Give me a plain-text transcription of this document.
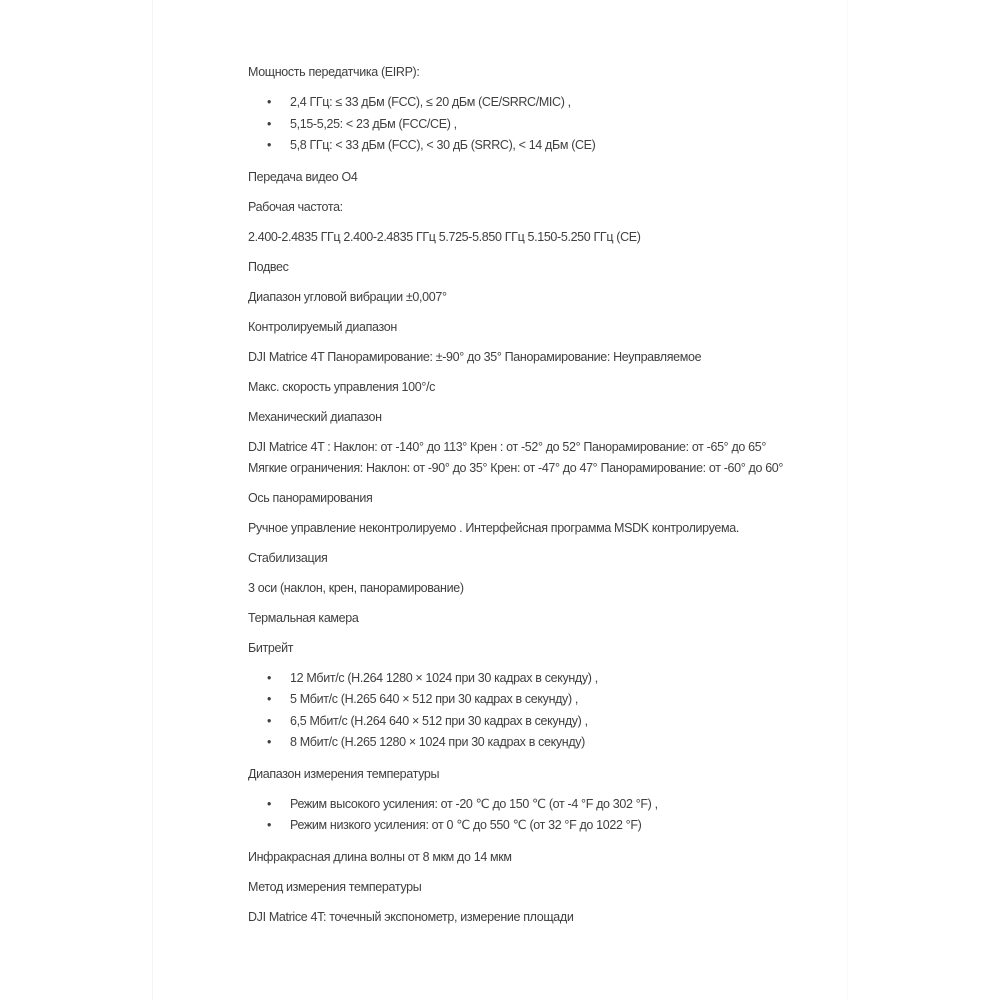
Мощность передатчика (EIRP):

• 2,4 ГГц: ≤ 33 дБм (FCC), ≤ 20 дБм (CE/SRRC/MIC) ,
• 5,15-5,25: < 23 дБм (FCC/CE) ,
• 5,8 ГГц: < 33 дБм (FCC), < 30 дБ (SRRC), < 14 дБм (CE)

Передача видео O4

Рабочая частота:

2.400-2.4835 ГГц 2.400-2.4835 ГГц 5.725-5.850 ГГц 5.150-5.250 ГГц (CE)

Подвес

Диапазон угловой вибрации ±0,007°

Контролируемый диапазон

DJI Matrice 4T Панорамирование: ±-90° до 35° Панорамирование: Неуправляемое

Макс. скорость управления 100°/с

Механический диапазон

DJI Matrice 4T : Наклон: от -140° до 113° Крен : от -52° до 52° Панорамирование: от -65° до 65°
Мягкие ограничения: Наклон: от -90° до 35° Крен: от -47° до 47° Панорамирование: от -60° до 60°

Ось панорамирования

Ручное управление неконтролируемо . Интерфейсная программа MSDK контролируема.

Стабилизация

3 оси (наклон, крен, панорамирование)

Термальная камера

Битрейт

• 12 Мбит/с (H.264 1280 × 1024 при 30 кадрах в секунду) ,
• 5 Мбит/с (H.265 640 × 512 при 30 кадрах в секунду) ,
• 6,5 Мбит/с (H.264 640 × 512 при 30 кадрах в секунду) ,
• 8 Мбит/с (H.265 1280 × 1024 при 30 кадрах в секунду)

Диапазон измерения температуры

• Режим высокого усиления: от -20 ℃ до 150 ℃ (от -4 °F до 302 °F) ,
• Режим низкого усиления: от 0 ℃ до 550 ℃ (от 32 °F до 1022 °F)

Инфракрасная длина волны от 8 мкм до 14 мкм

Метод измерения температуры

DJI Matrice 4T: точечный экспонометр, измерение площади
